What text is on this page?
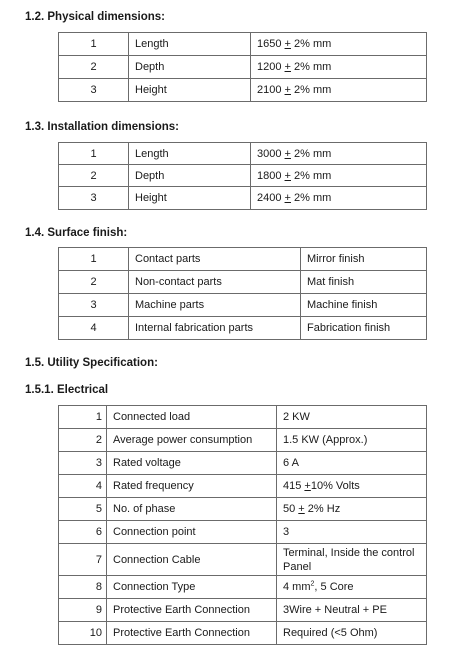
1.2. Physical dimensions:
1	Length	1650 + 2% mm
2	Depth	1200 + 2% mm
3	Height	2100 + 2% mm
1.3. Installation dimensions:
1	Length	3000 + 2% mm
2	Depth	1800 + 2% mm
3	Height	2400 + 2% mm
1.4. Surface finish:
1	Contact parts	Mirror finish
2	Non-contact parts	Mat finish
3	Machine parts	Machine finish
4	Internal fabrication parts	Fabrication finish
1.5. Utility Specification:
1.5.1. Electrical
1	Connected load	2 KW
2	Average power consumption	1.5 KW (Approx.)
3	Rated voltage	6 A
4	Rated frequency	415 +10% Volts
5	No. of phase	50 + 2% Hz
6	Connection point	3
7	Connection Cable	Terminal, Inside the control Panel
8	Connection Type	4 $mm^2$, 5 Core
9	Protective Earth Connection	3Wire + Neutral + PE
10	Protective Earth Connection	Required (<5 Ohm)
